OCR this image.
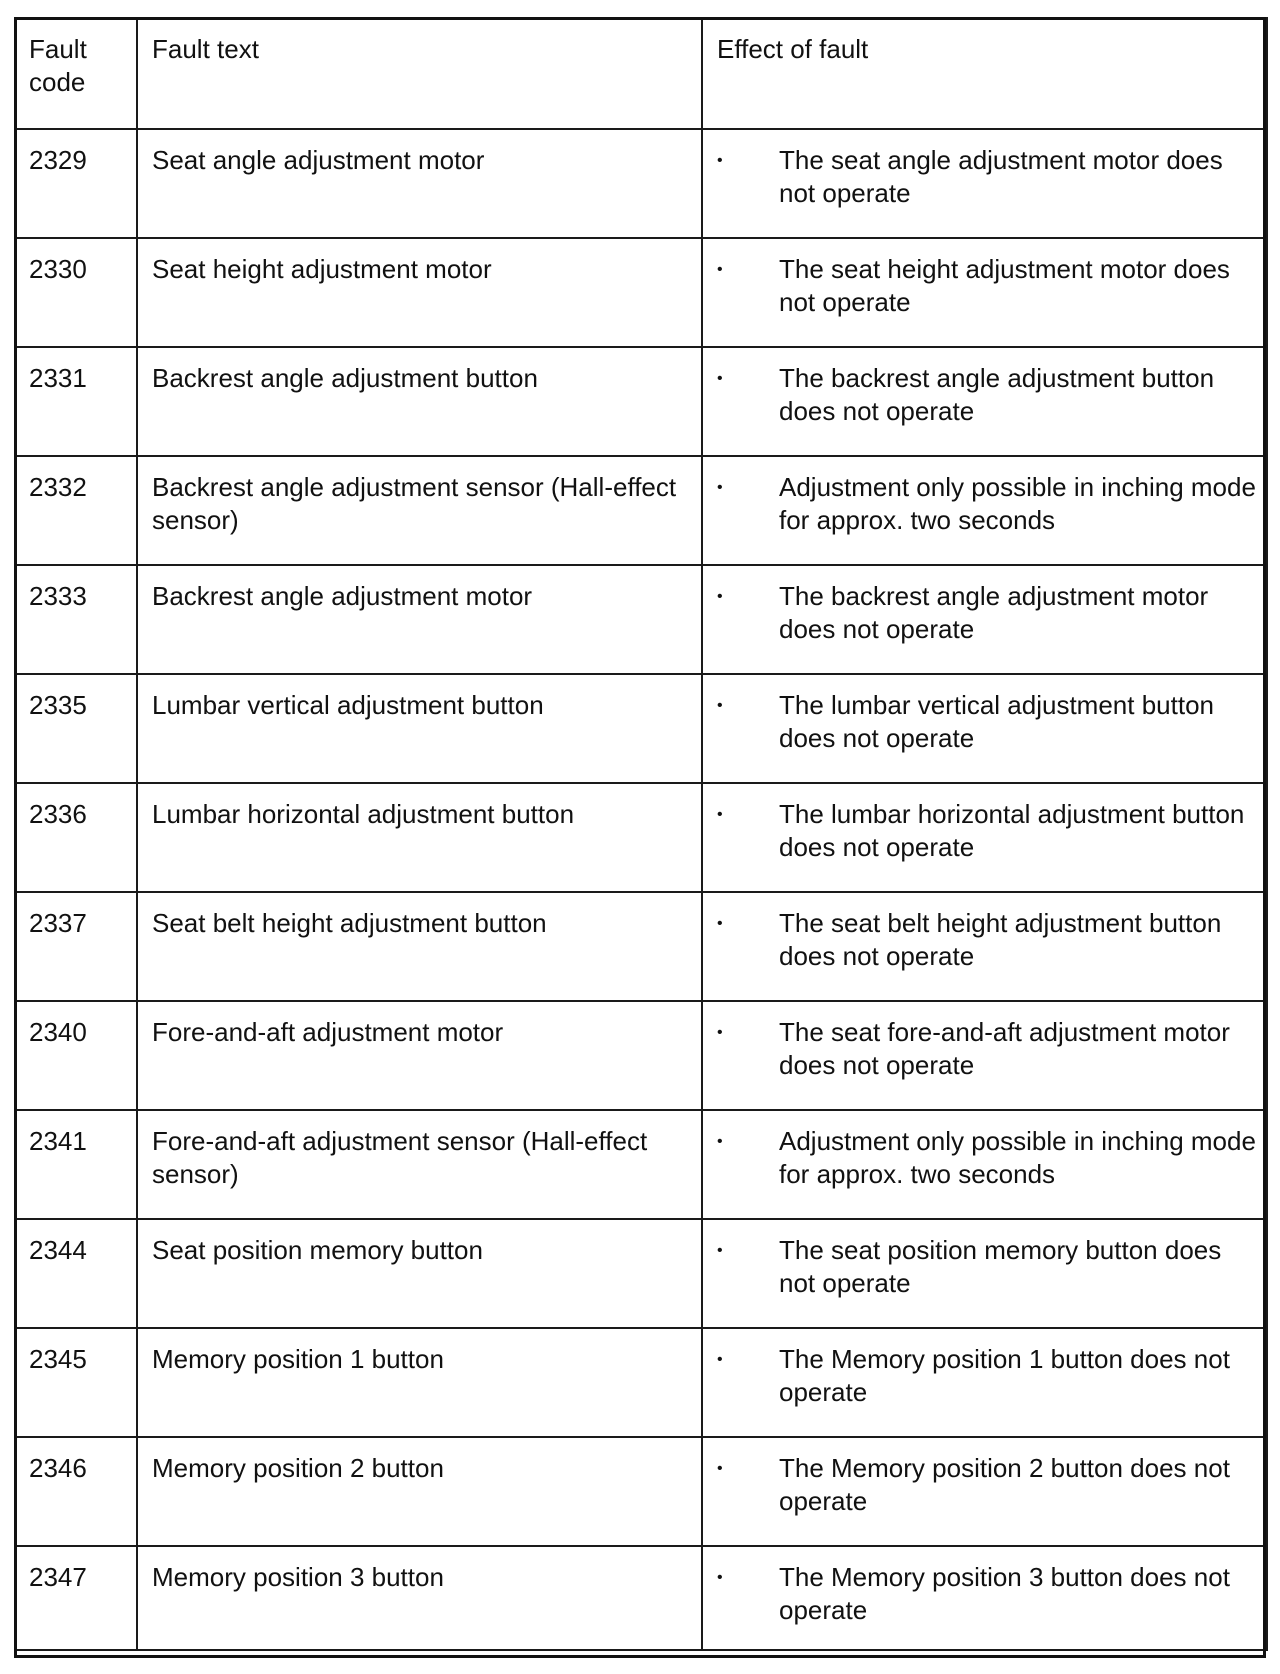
Fault code	Fault text	Effect of fault
2329	Seat angle adjustment motor	• The seat angle adjustment motor does not operate

2330	Seat height adjustment motor	• The seat height adjustment motor does not operate

2331	Backrest angle adjustment button	• The backrest angle adjustment button does not operate

2332	Backrest angle adjustment sensor (Hall-effect sensor)	• Adjustment only possible in inching mode for approx. two seconds

2333	Backrest angle adjustment motor	• The backrest angle adjustment motor does not operate

2335	Lumbar vertical adjustment button	• The lumbar vertical adjustment button does not operate

2336	Lumbar horizontal adjustment button	• The lumbar horizontal adjustment button does not operate

2337	Seat belt height adjustment button	• The seat belt height adjustment button does not operate

2340	Fore-and-aft adjustment motor	• The seat fore-and-aft adjustment motor does not operate

2341	Fore-and-aft adjustment sensor (Hall-effect sensor)	• Adjustment only possible in inching mode for approx. two seconds

2344	Seat position memory button	• The seat position memory button does not operate

2345	Memory position 1 button	• The Memory position 1 button does not operate

2346	Memory position 2 button	• The Memory position 2 button does not operate

2347	Memory position 3 button	• The Memory position 3 button does not operate
